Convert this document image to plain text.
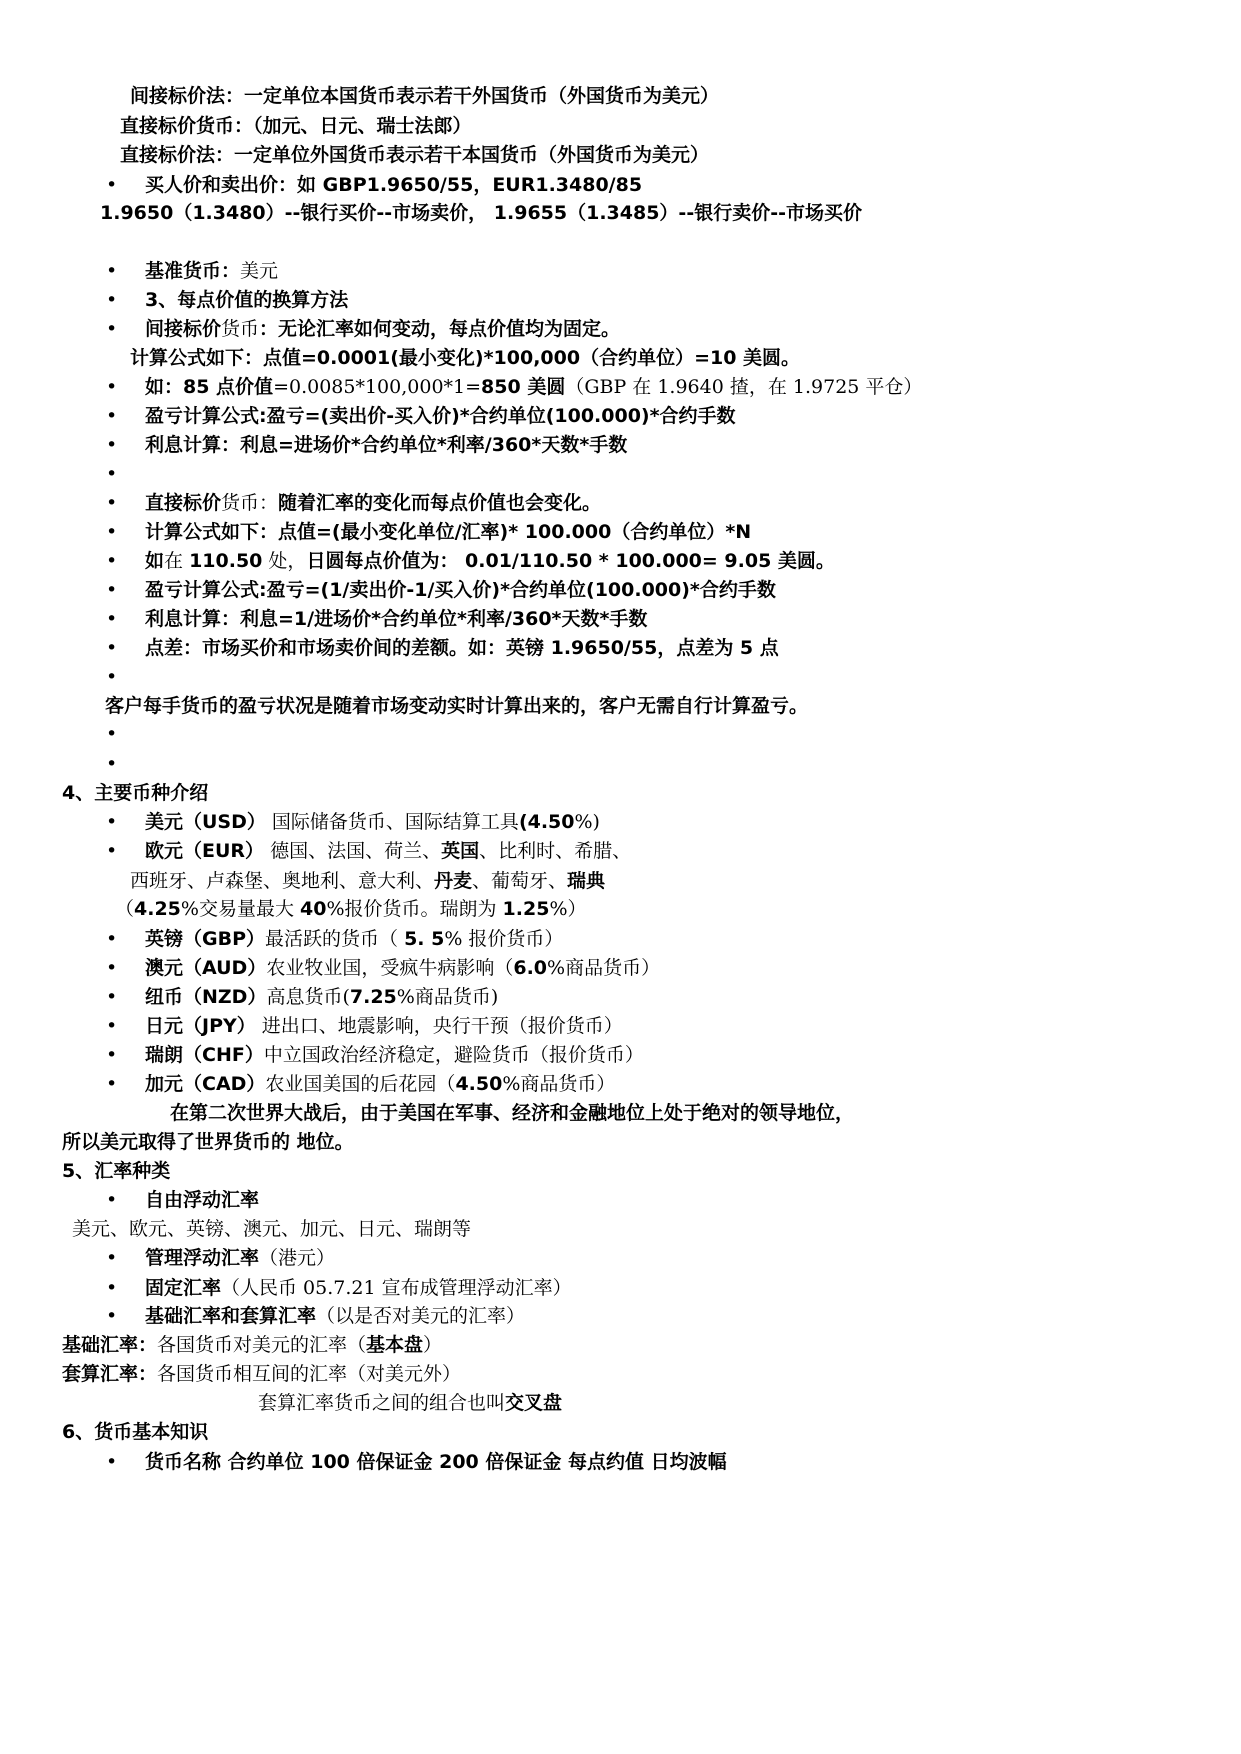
间接标价法：一定单位本国货币表示若干外国货币（外国货币为美元）
直接标价货币：（加元、日元、瑞士法郎）
直接标价法：一定单位外国货币表示若干本国货币（外国货币为美元）
• 买人价和卖出价：如 GBP1.9650/55，EUR1.3480/85
1.9650（1.3480）--银行买价--市场卖价， 1.9655（1.3485）--银行卖价--市场买价
• 基准货币：美元
• 3、每点价值的换算方法
• 间接标价货币：无论汇率如何变动，每点价值均为固定。
计算公式如下：点值=0.0001(最小变化)*100,000（合约单位）=10 美圆。
• 如：85 点价值=0.0085*100,000*1=850 美圆（GBP 在 1.9640 揸，在 1.9725 平仓）
• 盈亏计算公式:盈亏=(卖出价-买入价)*合约单位(100.000)*合约手数
• 利息计算：利息=进场价*合约单位*利率/360*天数*手数
•
• 直接标价货币：随着汇率的变化而每点价值也会变化。
• 计算公式如下：点值=(最小变化单位/汇率)* 100.000（合约单位）*N
• 如在 110.50 处，日圆每点价值为： 0.01/110.50 * 100.000= 9.05 美圆。
• 盈亏计算公式:盈亏=(1/卖出价-1/买入价)*合约单位(100.000)*合约手数
• 利息计算：利息=1/进场价*合约单位*利率/360*天数*手数
• 点差：市场买价和市场卖价间的差额。如：英镑 1.9650/55，点差为 5 点
•
客户每手货币的盈亏状况是随着市场变动实时计算出来的，客户无需自行计算盈亏。
•
•
4、主要币种介绍
• 美元（USD） 国际储备货币、国际结算工具(4.50%)
• 欧元（EUR） 德国、法国、荷兰、英国、比利时、希腊、
西班牙、卢森堡、奥地利、意大利、丹麦、葡萄牙、瑞典
（4.25%交易量最大 40%报价货币。瑞朗为 1.25%）
• 英镑（GBP）最活跃的货币（ 5. 5% 报价货币）
• 澳元（AUD）农业牧业国，受疯牛病影响（6.0%商品货币）
• 纽币（NZD）高息货币(7.25%商品货币)
• 日元（JPY） 进出口、地震影响，央行干预（报价货币）
• 瑞朗（CHF）中立国政治经济稳定，避险货币（报价货币）
• 加元（CAD）农业国美国的后花园（4.50%商品货币）
在第二次世界大战后，由于美国在军事、经济和金融地位上处于绝对的领导地位，
所以美元取得了世界货币的 地位。
5、汇率种类
• 自由浮动汇率
美元、欧元、英镑、澳元、加元、日元、瑞朗等
• 管理浮动汇率（港元）
• 固定汇率（人民币 05.7.21 宣布成管理浮动汇率）
• 基础汇率和套算汇率（以是否对美元的汇率）
基础汇率：各国货币对美元的汇率（基本盘）
套算汇率：各国货币相互间的汇率（对美元外）
套算汇率货币之间的组合也叫交叉盘
6、货币基本知识
• 货币名称 合约单位 100 倍保证金 200 倍保证金 每点约值 日均波幅
